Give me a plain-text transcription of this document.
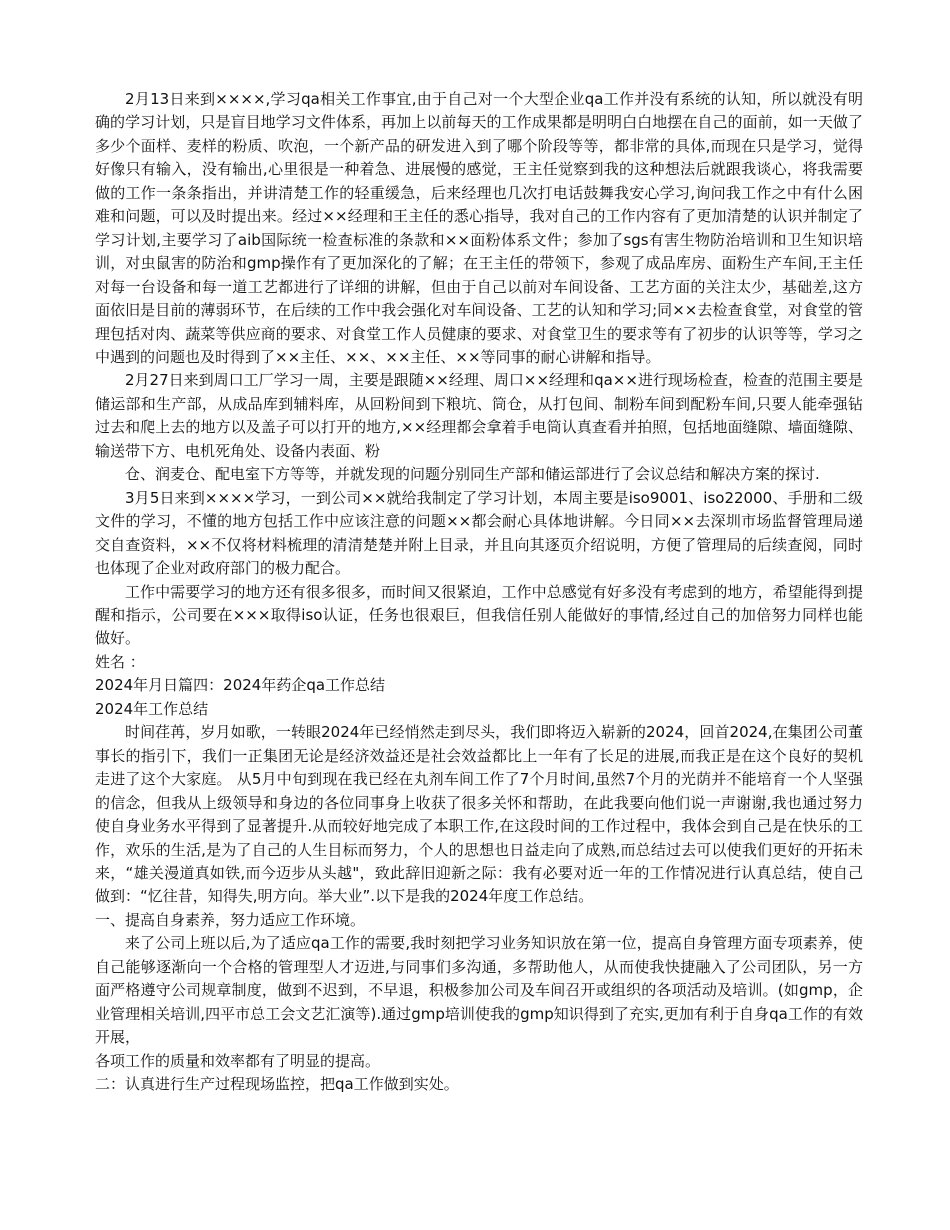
2月13日来到××××,学习qa相关工作事宜,由于自己对一个大型企业qa工作并没有系统的认知，所以就没有明确的学习计划，只是盲目地学习文件体系，再加上以前每天的工作成果都是明明白白地摆在自己的面前，如一天做了多少个面样、麦样的粉质、吹泡，一个新产品的研发进入到了哪个阶段等等，都非常的具体,而现在只是学习，觉得好像只有输入，没有输出,心里很是一种着急、进展慢的感觉，王主任觉察到我的这种想法后就跟我谈心，将我需要做的工作一条条指出，并讲清楚工作的轻重缓急，后来经理也几次打电话鼓舞我安心学习,询问我工作之中有什么困难和问题，可以及时提出来。经过××经理和王主任的悉心指导，我对自己的工作内容有了更加清楚的认识并制定了学习计划,主要学习了aib国际统一检查标准的条款和××面粉体系文件；参加了sgs有害生物防治培训和卫生知识培训，对虫鼠害的防治和gmp操作有了更加深化的了解；在王主任的带领下，参观了成品库房、面粉生产车间,王主任对每一台设备和每一道工艺都进行了详细的讲解，但由于自己以前对车间设备、工艺方面的关注太少，基础差,这方面依旧是目前的薄弱环节，在后续的工作中我会强化对车间设备、工艺的认知和学习;同××去检查食堂，对食堂的管理包括对肉、蔬菜等供应商的要求、对食堂工作人员健康的要求、对食堂卫生的要求等有了初步的认识等等，学习之中遇到的问题也及时得到了××主任、××、××主任、××等同事的耐心讲解和指导。

2月27日来到周口工厂学习一周，主要是跟随××经理、周口××经理和qa××进行现场检查，检查的范围主要是储运部和生产部，从成品库到辅料库，从回粉间到下粮坑、筒仓，从打包间、制粉车间到配粉车间,只要人能牵强钻过去和爬上去的地方以及盖子可以打开的地方,××经理都会拿着手电筒认真查看并拍照，包括地面缝隙、墙面缝隙、输送带下方、电机死角处、设备内表面、粉

仓、润麦仓、配电室下方等等，并就发现的问题分别同生产部和储运部进行了会议总结和解决方案的探讨.

3月5日来到××××学习，一到公司××就给我制定了学习计划，本周主要是iso9001、iso22000、手册和二级文件的学习，不懂的地方包括工作中应该注意的问题××都会耐心具体地讲解。今日同××去深圳市场监督管理局递交自查资料，××不仅将材料梳理的清清楚楚并附上目录，并且向其逐页介绍说明，方便了管理局的后续查阅，同时也体现了企业对政府部门的极力配合。

工作中需要学习的地方还有很多很多，而时间又很紧迫，工作中总感觉有好多没有考虑到的地方，希望能得到提醒和指示，公司要在×××取得iso认证，任务也很艰巨，但我信任别人能做好的事情,经过自己的加倍努力同样也能做好。

姓名 ：

2024年月日篇四：2024年药企qa工作总结

2024年工作总结

时间荏苒，岁月如歌，一转眼2024年已经悄然走到尽头，我们即将迈入崭新的2024，回首2024,在集团公司董事长的指引下，我们一正集团无论是经济效益还是社会效益都比上一年有了长足的进展,而我正是在这个良好的契机走进了这个大家庭。 从5月中旬到现在我已经在丸剂车间工作了7个月时间,虽然7个月的光荫并不能培育一个人坚强的信念，但我从上级领导和身边的各位同事身上收获了很多关怀和帮助，在此我要向他们说一声谢谢,我也通过努力使自身业务水平得到了显著提升.从而较好地完成了本职工作,在这段时间的工作过程中，我体会到自己是在快乐的工作，欢乐的生活,是为了自己的人生目标而努力，个人的思想也日益走向了成熟,而总结过去可以使我们更好的开拓未来，“雄关漫道真如铁,而今迈步从头越"，致此辞旧迎新之际：我有必要对近一年的工作情况进行认真总结，使自己做到：“忆往昔，知得失,明方向。举大业”.以下是我的2024年度工作总结。

一、提高自身素养，努力适应工作环境。

来了公司上班以后,为了适应qa工作的需要,我时刻把学习业务知识放在第一位，提高自身管理方面专项素养，使自己能够逐渐向一个合格的管理型人才迈进,与同事们多沟通，多帮助他人，从而使我快捷融入了公司团队，另一方面严格遵守公司规章制度，做到不迟到，不早退，积极参加公司及车间召开或组织的各项活动及培训。(如gmp，企业管理相关培训,四平市总工会文艺汇演等).通过gmp培训使我的gmp知识得到了充实,更加有利于自身qa工作的有效开展，

各项工作的质量和效率都有了明显的提高。

二：认真进行生产过程现场监控，把qa工作做到实处。
